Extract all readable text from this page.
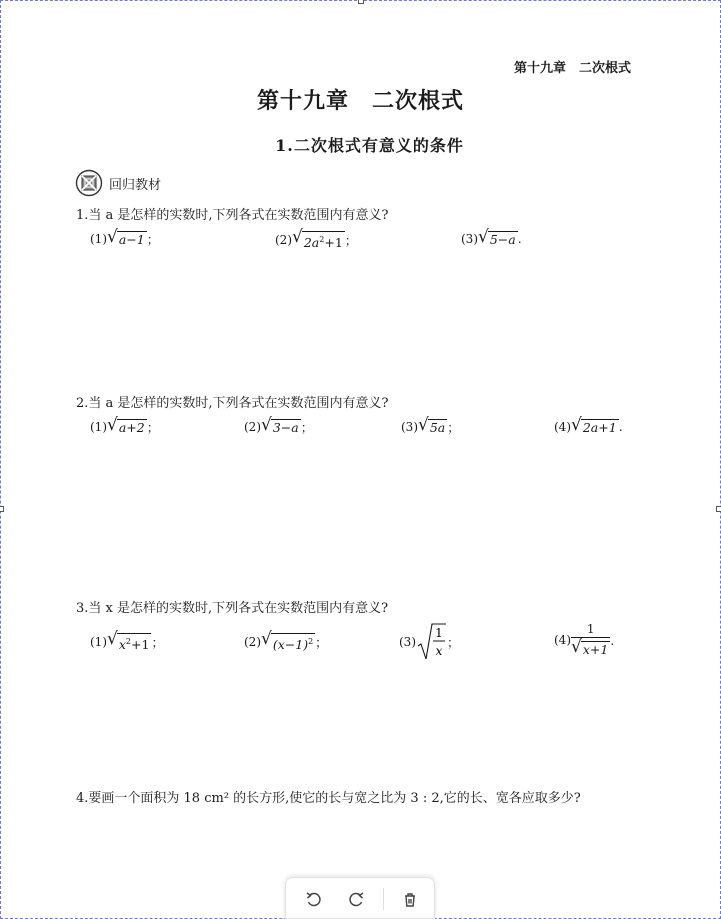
第十九章　二次根式
第十九章　二次根式
1.二次根式有意义的条件
回归教材
1.当 a 是怎样的实数时,下列各式在实数范围内有意义?
(1) √ a−1 ；	(2) √ $2a^2+1$ ；	(3) √ 5−a .
2.当 a 是怎样的实数时,下列各式在实数范围内有意义?
(1) √ a+2 ；	(2) √ 3−a ；	(3) √ 5a ；	(4) √ 2a+1 .
3.当 x 是怎样的实数时,下列各式在实数范围内有意义?
(1) √ $x^2+1$ ；	(2) √ $(x-1)^2$ ；	(3)
1
x
；	(4)
1
√ x+1
.
4.要画一个面积为 18 cm² 的长方形,使它的长与宽之比为 3 : 2,它的长、宽各应取多少?
